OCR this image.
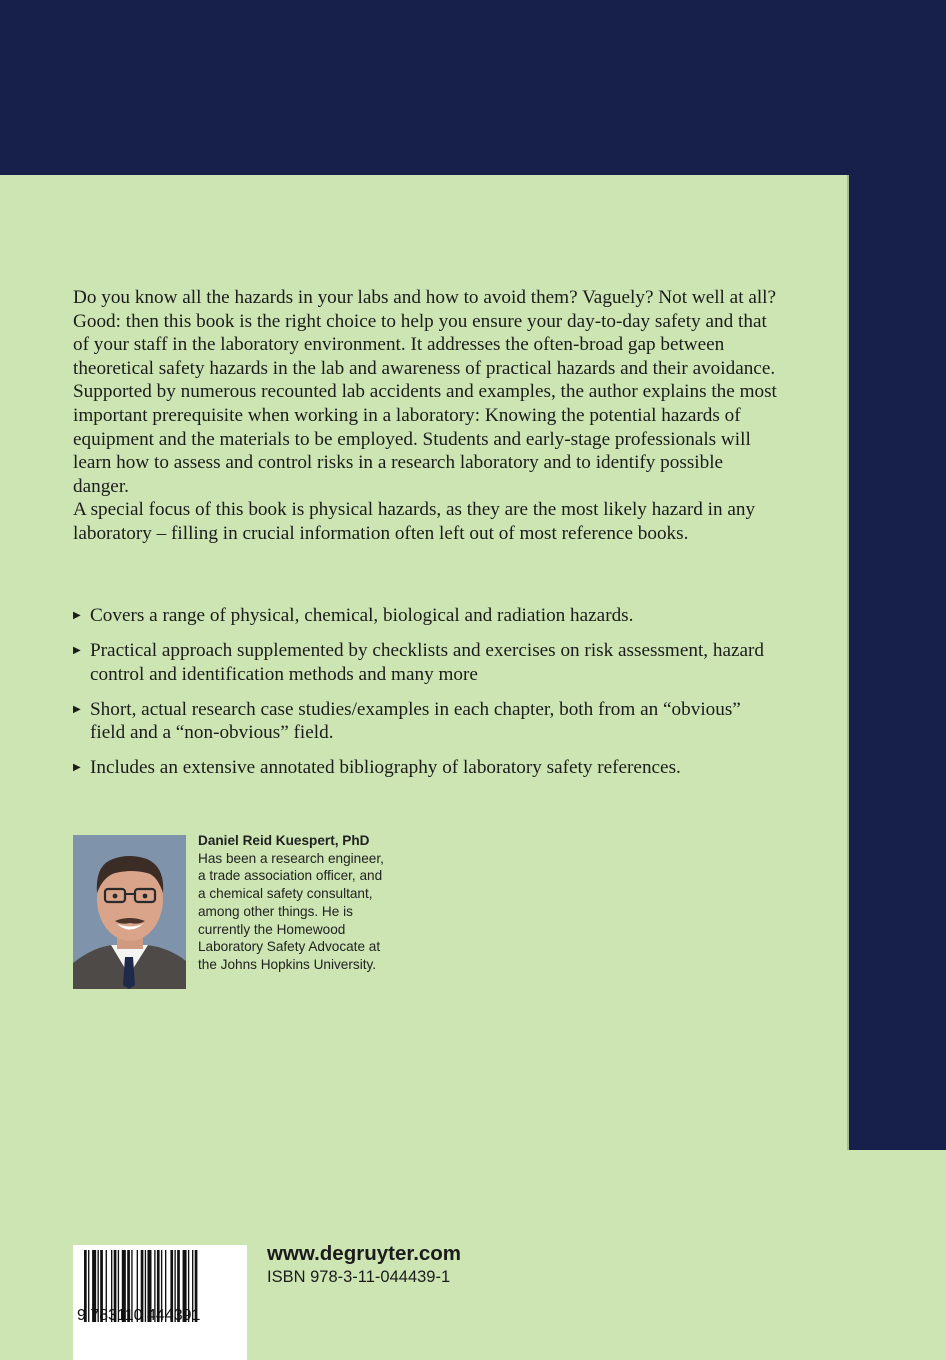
Do you know all the hazards in your labs and how to avoid them? Vaguely? Not well at all? Good: then this book is the right choice to help you ensure your day-to-day safety and that of your staff in the laboratory environment. It addresses the often-broad gap between theoretical safety hazards in the lab and awareness of practical hazards and their avoidance.

Supported by numerous recounted lab accidents and examples, the author explains the most important prerequisite when working in a laboratory: Knowing the potential hazards of equipment and the materials to be employed. Students and early-stage professionals will learn how to assess and control risks in a research laboratory and to identify possible danger.

A special focus of this book is physical hazards, as they are the most likely hazard in any laboratory – filling in crucial information often left out of most reference books.

▶ Covers a range of physical, chemical, biological and radiation hazards.
▶ Practical approach supplemented by checklists and exercises on risk assessment, hazard control and identification methods and many more
▶ Short, actual research case studies/examples in each chapter, both from an “obvious” field and a “non-obvious” field.
▶ Includes an extensive annotated bibliography of laboratory safety references.
Daniel Reid Kuespert, PhD
Has been a research engineer,
a trade association officer, and
a chemical safety consultant,
among other things. He is
currently the Homewood
Laboratory Safety Advocate at
the Johns Hopkins University.
9 783110 444391
www.degruyter.com
ISBN 978-3-11-044439-1
